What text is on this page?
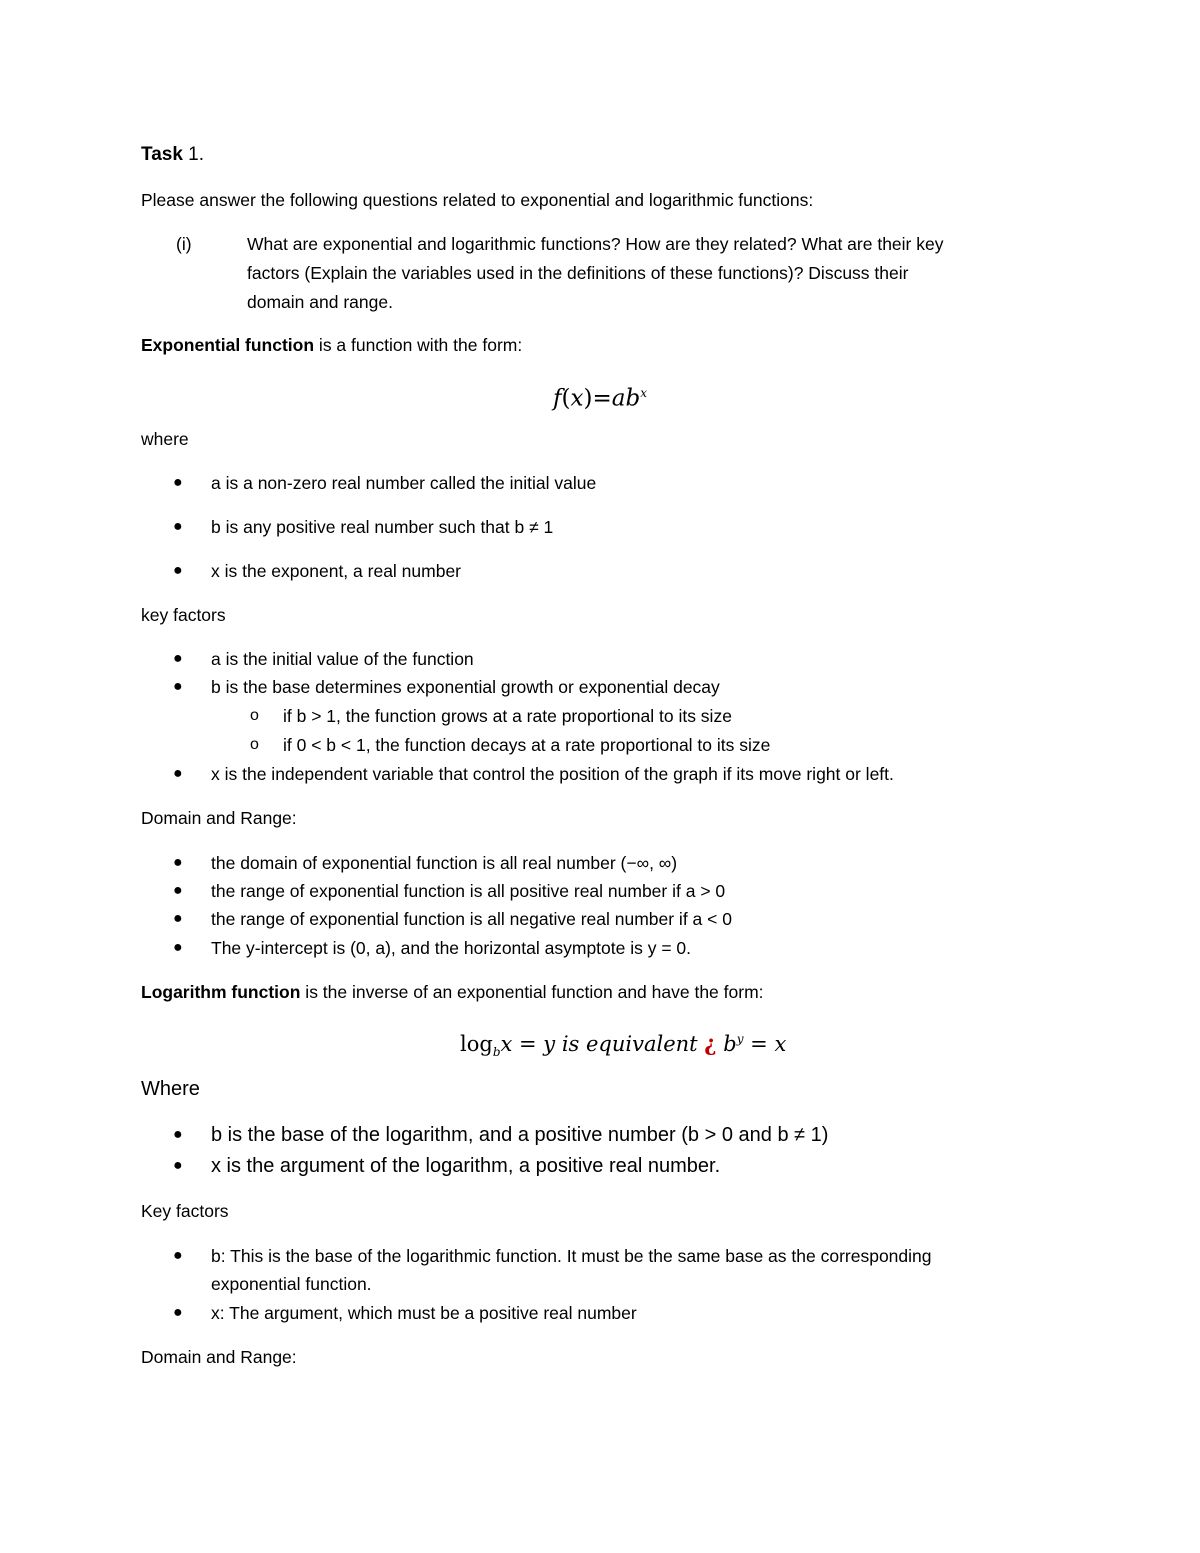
Task 1.

Please answer the following questions related to exponential and logarithmic functions:

(i)	What are exponential and logarithmic functions? How are they related? What are their key

factors (Explain the variables used in the definitions of these functions)? Discuss their

domain and range.

Exponential function is a function with the form:

$f(x)=ab^x$

where

● a is a non-zero real number called the initial value

● b is any positive real number such that b ≠ 1

● x is the exponent, a real number

key factors

● a is the initial value of the function

● b is the base determines exponential growth or exponential decay

o if b > 1, the function grows at a rate proportional to its size

o if 0 < b < 1, the function decays at a rate proportional to its size

● x is the independent variable that control the position of the graph if its move right or left.

Domain and Range:

● the domain of exponential function is all real number (−∞, ∞)

● the range of exponential function is all positive real number if a > 0

● the range of exponential function is all negative real number if a < 0

● The y-intercept is (0, a), and the horizontal asymptote is y = 0.

Logarithm function is the inverse of an exponential function and have the form:

$\log_bx = y$ is equivalent ¿ $b^y = x$

Where

● b is the base of the logarithm, and a positive number (b > 0 and b ≠ 1)

● x is the argument of the logarithm, a positive real number.

Key factors

● b: This is the base of the logarithmic function. It must be the same base as the corresponding

exponential function.

● x: The argument, which must be a positive real number

Domain and Range:
